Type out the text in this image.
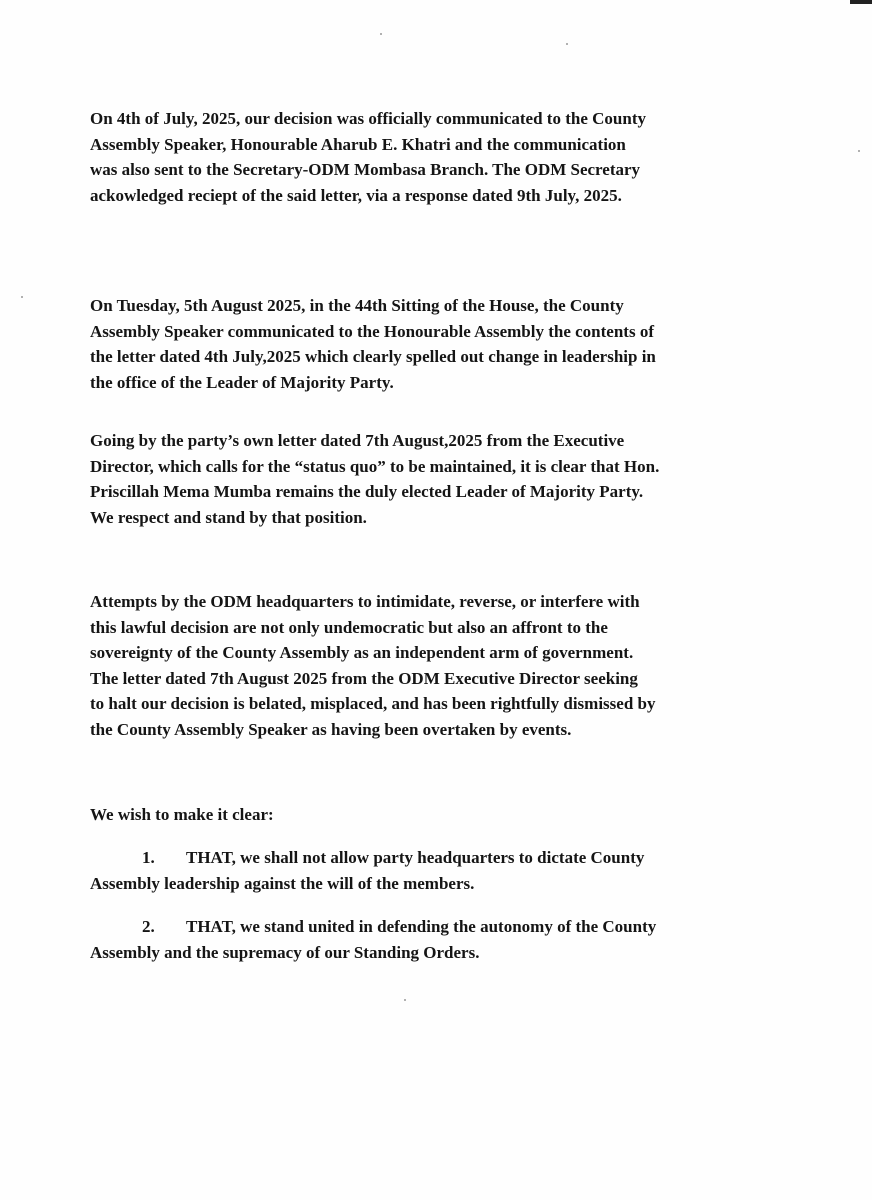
On 4th of July, 2025, our decision was officially communicated to the County
Assembly Speaker, Honourable Aharub E. Khatri and the communication
was also sent to the Secretary-ODM Mombasa Branch. The ODM Secretary
ackowledged reciept of the said letter, via a response dated 9th July, 2025.

On Tuesday, 5th August 2025, in the 44th Sitting of the House, the County
Assembly Speaker communicated to the Honourable Assembly the contents of
the letter dated 4th July,2025 which clearly spelled out change in leadership in
the office of the Leader of Majority Party.

Going by the party’s own letter dated 7th August,2025 from the Executive
Director, which calls for the “status quo” to be maintained, it is clear that Hon.
Priscillah Mema Mumba remains the duly elected Leader of Majority Party.
We respect and stand by that position.

Attempts by the ODM headquarters to intimidate, reverse, or interfere with
this lawful decision are not only undemocratic but also an affront to the
sovereignty of the County Assembly as an independent arm of government.
The letter dated 7th August 2025 from the ODM Executive Director seeking
to halt our decision is belated, misplaced, and has been rightfully dismissed by
the County Assembly Speaker as having been overtaken by events.

We wish to make it clear:

1. THAT, we shall not allow party headquarters to dictate County
Assembly leadership against the will of the members.
2. THAT, we stand united in defending the autonomy of the County
Assembly and the supremacy of our Standing Orders.
